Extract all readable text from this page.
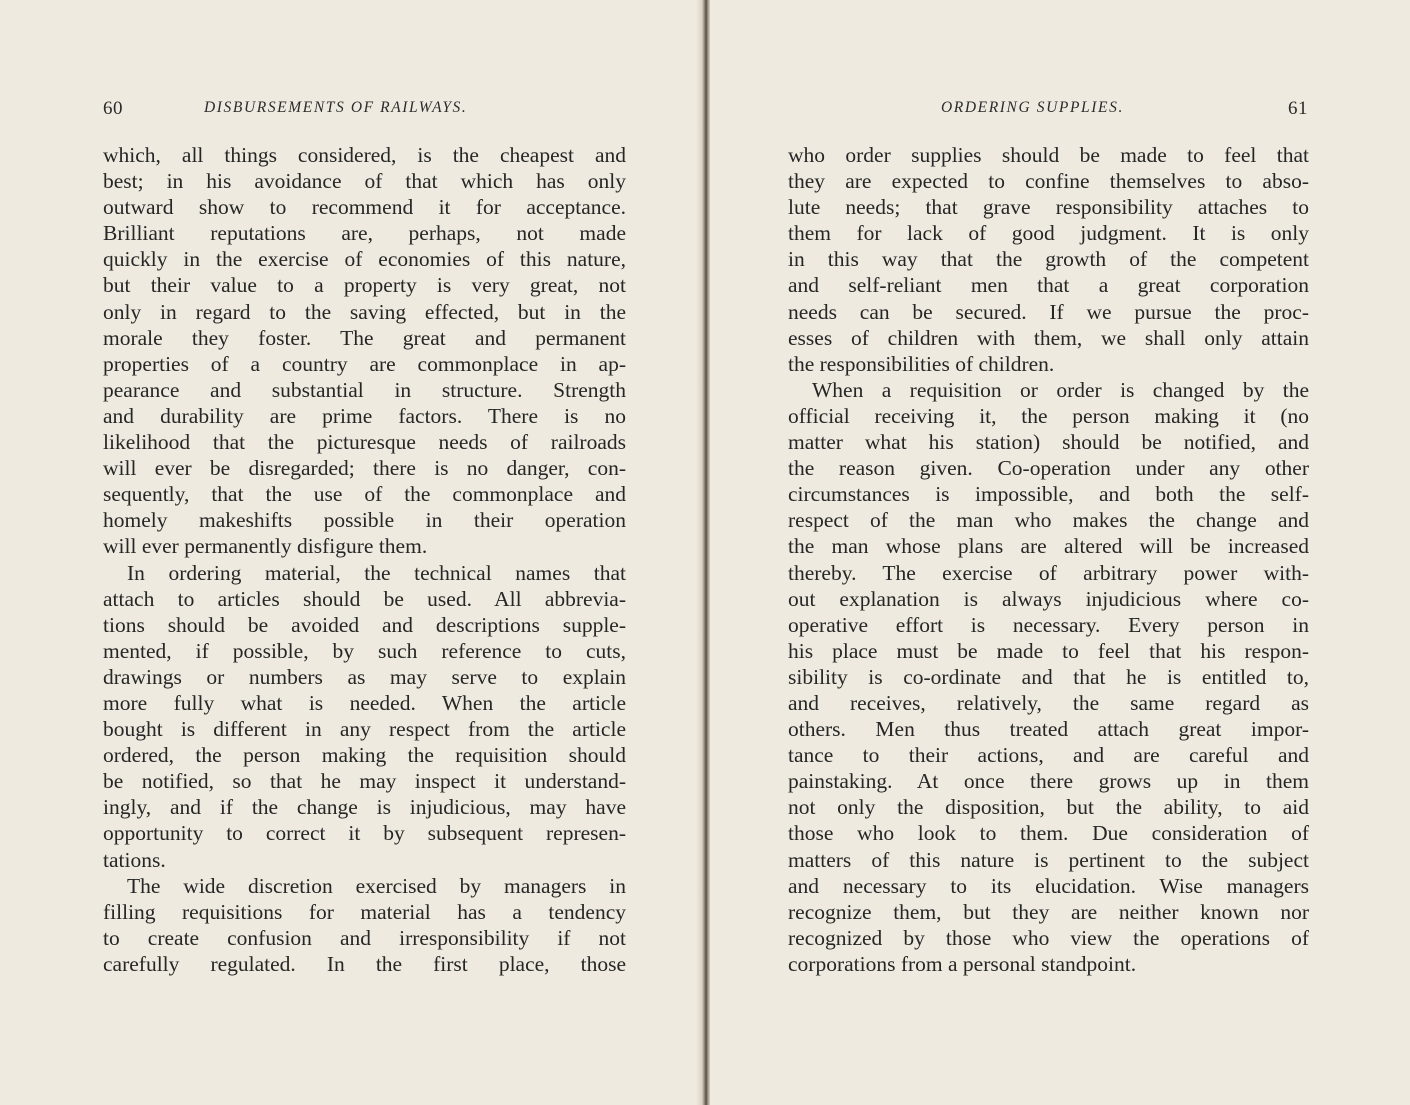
60	DISBURSEMENTS OF RAILWAYS.
which, all things considered, is the cheapest and
best; in his avoidance of that which has only
outward show to recommend it for acceptance.
Brilliant reputations are, perhaps, not made
quickly in the exercise of economies of this nature,
but their value to a property is very great, not
only in regard to the saving effected, but in the
morale they foster. The great and permanent
properties of a country are commonplace in ap-
pearance and substantial in structure. Strength
and durability are prime factors. There is no
likelihood that the picturesque needs of railroads
will ever be disregarded; there is no danger, con-
sequently, that the use of the commonplace and
homely makeshifts possible in their operation
will ever permanently disfigure them.
In ordering material, the technical names that
attach to articles should be used. All abbrevia-
tions should be avoided and descriptions supple-
mented, if possible, by such reference to cuts,
drawings or numbers as may serve to explain
more fully what is needed. When the article
bought is different in any respect from the article
ordered, the person making the requisition should
be notified, so that he may inspect it understand-
ingly, and if the change is injudicious, may have
opportunity to correct it by subsequent represen-
tations.
The wide discretion exercised by managers in
filling requisitions for material has a tendency
to create confusion and irresponsibility if not
carefully regulated. In the first place, those
ORDERING SUPPLIES.	61
who order supplies should be made to feel that
they are expected to confine themselves to abso-
lute needs; that grave responsibility attaches to
them for lack of good judgment. It is only
in this way that the growth of the competent
and self-reliant men that a great corporation
needs can be secured. If we pursue the proc-
esses of children with them, we shall only attain
the responsibilities of children.
When a requisition or order is changed by the
official receiving it, the person making it (no
matter what his station) should be notified, and
the reason given. Co-operation under any other
circumstances is impossible, and both the self-
respect of the man who makes the change and
the man whose plans are altered will be increased
thereby. The exercise of arbitrary power with-
out explanation is always injudicious where co-
operative effort is necessary. Every person in
his place must be made to feel that his respon-
sibility is co-ordinate and that he is entitled to,
and receives, relatively, the same regard as
others. Men thus treated attach great impor-
tance to their actions, and are careful and
painstaking. At once there grows up in them
not only the disposition, but the ability, to aid
those who look to them. Due consideration of
matters of this nature is pertinent to the subject
and necessary to its elucidation. Wise managers
recognize them, but they are neither known nor
recognized by those who view the operations of
corporations from a personal standpoint.
